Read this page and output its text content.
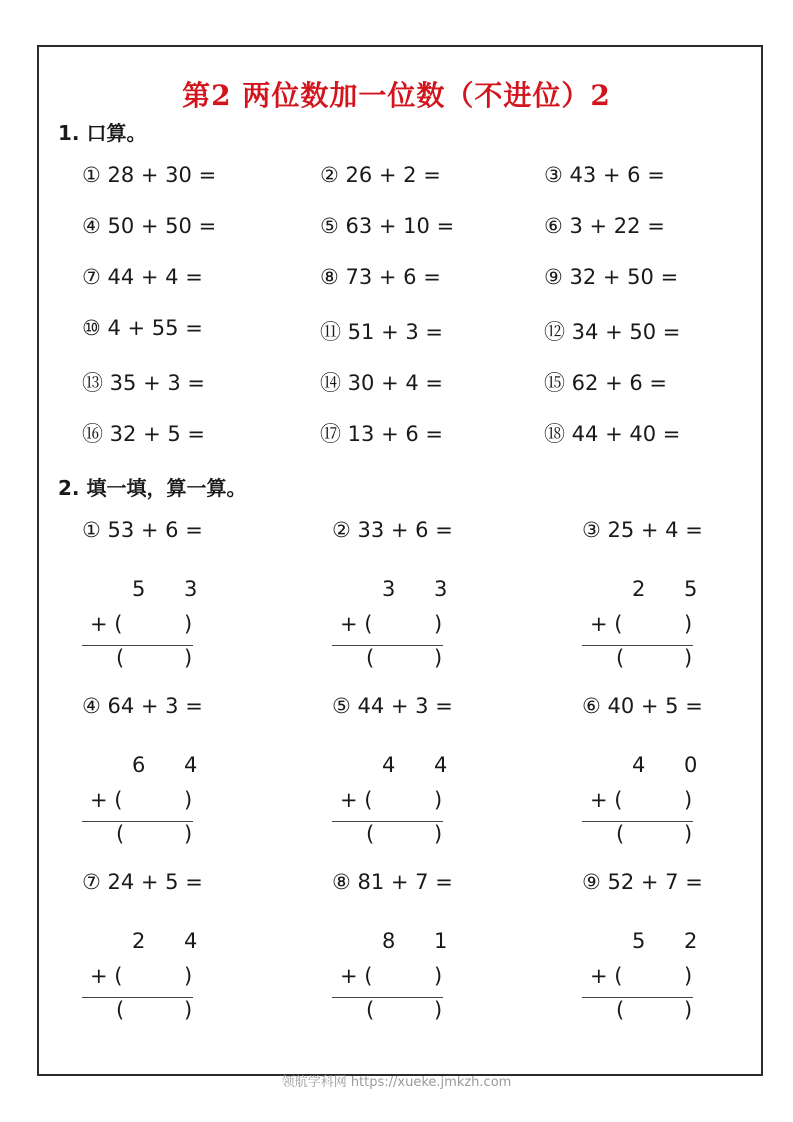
第2 两位数加一位数（不进位）2
1. 口算。
① 28 + 30 =	② 26 + 2 =	③ 43 + 6 =
④ 50 + 50 =	⑤ 63 + 10 =	⑥ 3 + 22 =
⑦ 44 + 4 =	⑧ 73 + 6 =	⑨ 32 + 50 =
⑩ 4 + 55 =	⑪ 51 + 3 =	⑫ 34 + 50 =
⑬ 35 + 3 =	⑭ 30 + 4 =	⑮ 62 + 6 =
⑯ 32 + 5 =	⑰ 13 + 6 =	⑱ 44 + 40 =
2. 填一填，算一算。
① 53 + 6 =
5 3
+ (	)
(	)
② 33 + 6 =
3 3
+ (	)
(	)
③ 25 + 4 =
2 5
+ (	)
(	)
④ 64 + 3 =
6 4
+ (	)
(	)
⑤ 44 + 3 =
4 4
+ (	)
(	)
⑥ 40 + 5 =
4 0
+ (	)
(	)
⑦ 24 + 5 =
2 4
+ (	)
(	)
⑧ 81 + 7 =
8 1
+ (	)
(	)
⑨ 52 + 7 =
5 2
+ (	)
(	)
领航学科网 https://xueke.jmkzh.com
